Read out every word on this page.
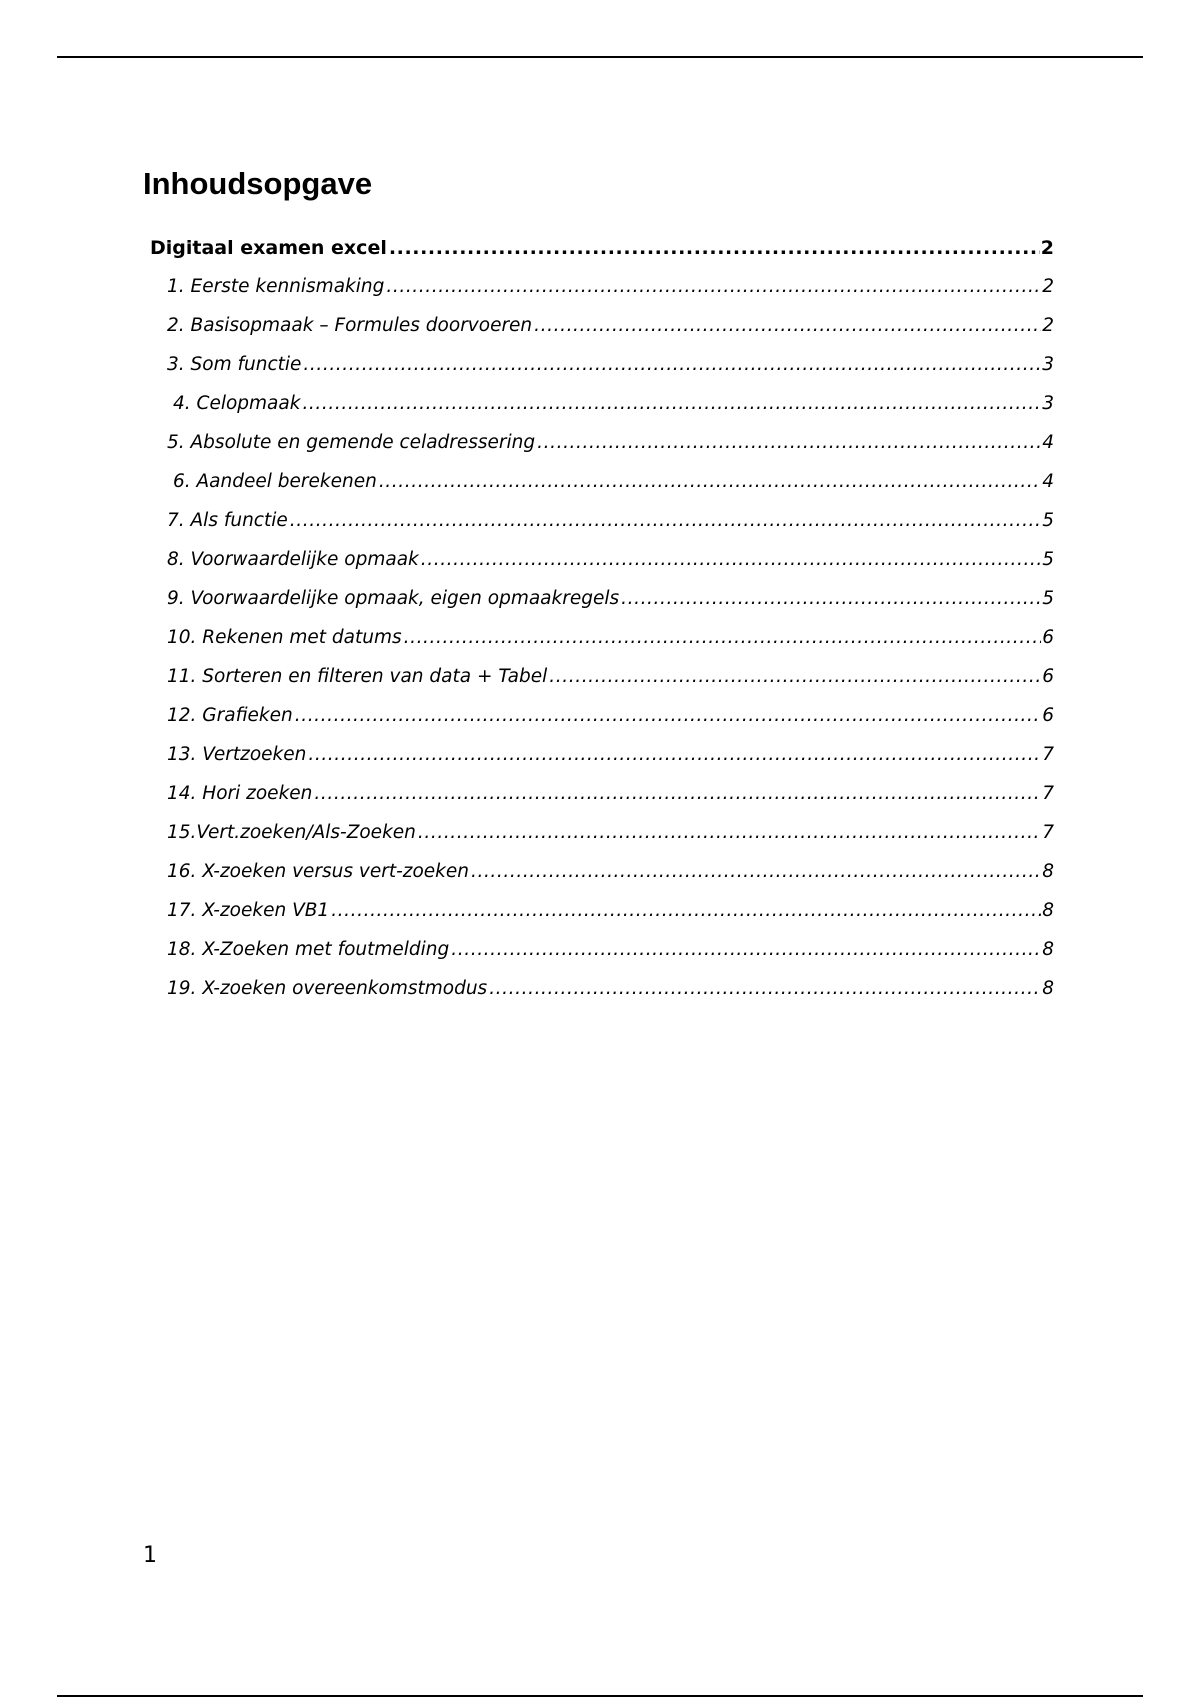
Inhoudsopgave
Digitaal examen excel .....	2
1. Eerste kennismaking .....	2
2. Basisopmaak – Formules doorvoeren .....	2
3. Som functie .....	3
4. Celopmaak .....	3
5. Absolute en gemende celadressering .....	4
6. Aandeel berekenen .....	4
7. Als functie .....	5
8. Voorwaardelijke opmaak .....	5
9. Voorwaardelijke opmaak, eigen opmaakregels .....	5
10. Rekenen met datums .....	6
11. Sorteren en filteren van data + Tabel .....	6
12. Grafieken .....	6
13. Vertzoeken .....	7
14. Hori zoeken .....	7
15.Vert.zoeken/Als-Zoeken .....	7
16. X-zoeken versus vert-zoeken .....	8
17. X-zoeken VB1 .....	8
18. X-Zoeken met foutmelding .....	8
19. X-zoeken overeenkomstmodus .....	8
1
